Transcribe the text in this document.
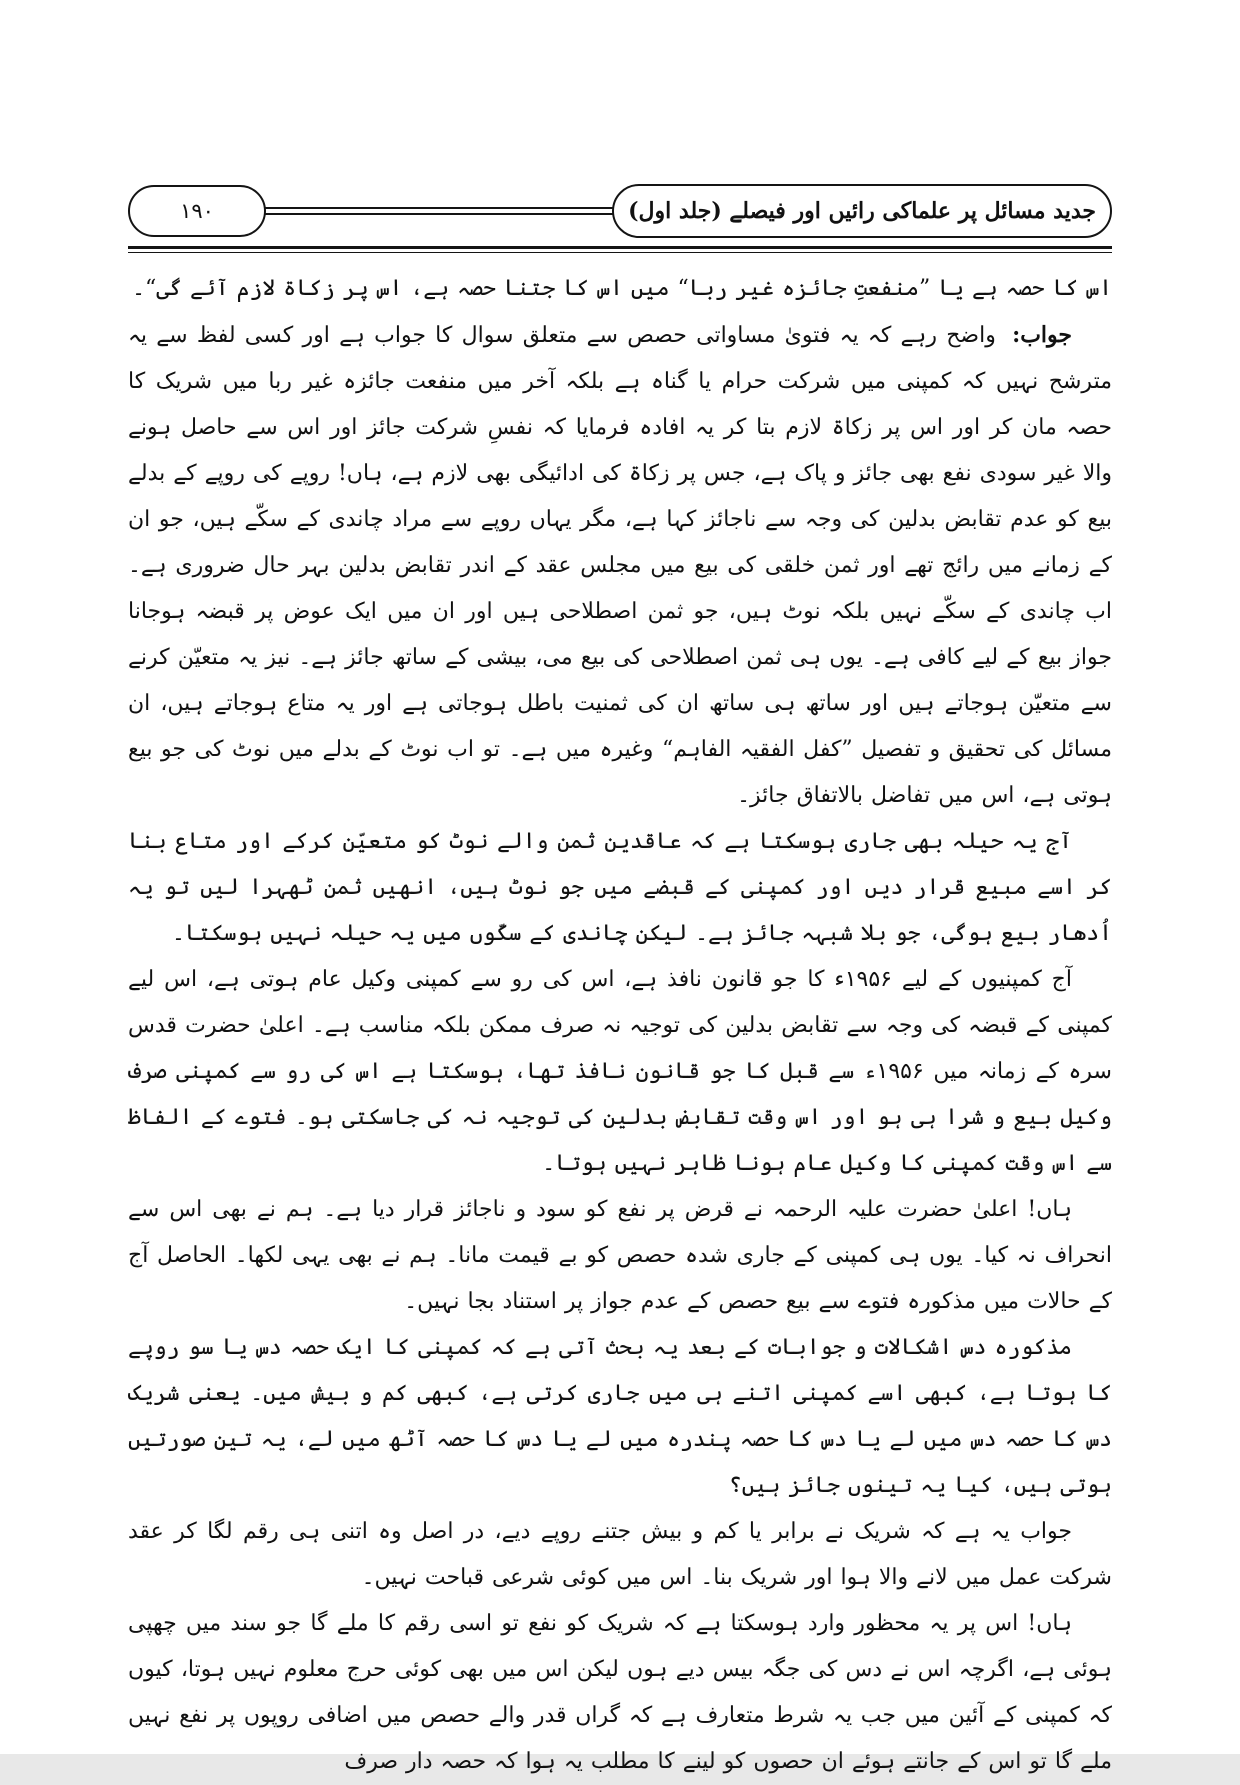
۱۹۰	جدید مسائل پر علماکی رائیں اور فیصلے (جلد اول)

اس کا حصہ ہے یا ”منفعتِ جائزہ غیر ربا“ میں اس کا جتنا حصہ ہے، اس پر زکاۃ لازم آئے گی“۔

جواب: واضح رہے کہ یہ فتویٰ مساواتی حصص سے متعلق سوال کا جواب ہے اور کسی لفظ سے یہ مترشح نہیں کہ کمپنی میں شرکت حرام یا گناہ ہے بلکہ آخر میں منفعت جائزہ غیر ربا میں شریک کا حصہ مان کر اور اس پر زکاۃ لازم بتا کر یہ افادہ فرمایا کہ نفسِ شرکت جائز اور اس سے حاصل ہونے والا غیر سودی نفع بھی جائز و پاک ہے، جس پر زکاۃ کی ادائیگی بھی لازم ہے، ہاں! روپے کی روپے کے بدلے بیع کو عدم تقابض بدلین کی وجہ سے ناجائز کہا ہے، مگر یہاں روپے سے مراد چاندی کے سکّے ہیں، جو ان کے زمانے میں رائج تھے اور ثمن خلقی کی بیع میں مجلس عقد کے اندر تقابض بدلین بہر حال ضروری ہے۔ اب چاندی کے سکّے نہیں بلکہ نوٹ ہیں، جو ثمن اصطلاحی ہیں اور ان میں ایک عوض پر قبضہ ہوجانا جواز بیع کے لیے کافی ہے۔ یوں ہی ثمن اصطلاحی کی بیع می، بیشی کے ساتھ جائز ہے۔ نیز یہ متعیّن کرنے سے متعیّن ہوجاتے ہیں اور ساتھ ہی ساتھ ان کی ثمنیت باطل ہوجاتی ہے اور یہ متاع ہوجاتے ہیں، ان مسائل کی تحقیق و تفصیل ”کفل الفقیہ الفاہم“ وغیرہ میں ہے۔ تو اب نوٹ کے بدلے میں نوٹ کی جو بیع ہوتی ہے، اس میں تفاضل بالاتفاق جائز۔

آج یہ حیلہ بھی جاری ہوسکتا ہے کہ عاقدین ثمن والے نوٹ کو متعیّن کرکے اور متاع بنا کر اسے مبیع قرار دیں اور کمپنی کے قبضے میں جو نوٹ ہیں، انھیں ثمن ٹھہرا لیں تو یہ اُدھار بیع ہوگی، جو بلا شبہہ جائز ہے۔ لیکن چاندی کے سکّوں میں یہ حیلہ نہیں ہوسکتا۔

آج کمپنیوں کے لیے ۱۹۵۶ء کا جو قانون نافذ ہے، اس کی رو سے کمپنی وکیل عام ہوتی ہے، اس لیے کمپنی کے قبضہ کی وجہ سے تقابض بدلین کی توجیہ نہ صرف ممکن بلکہ مناسب ہے۔ اعلیٰ حضرت قدس سرہ کے زمانہ میں ۱۹۵۶ء سے قبل کا جو قانون نافذ تھا، ہوسکتا ہے اس کی رو سے کمپنی صرف وکیل بیع و شرا ہی ہو اور اس وقت تقابض بدلین کی توجیہ نہ کی جاسکتی ہو۔ فتوے کے الفاظ سے اس وقت کمپنی کا وکیل عام ہونا ظاہر نہیں ہوتا۔

ہاں! اعلیٰ حضرت علیہ الرحمہ نے قرض پر نفع کو سود و ناجائز قرار دیا ہے۔ ہم نے بھی اس سے انحراف نہ کیا۔ یوں ہی کمپنی کے جاری شدہ حصص کو بے قیمت مانا۔ ہم نے بھی یہی لکھا۔ الحاصل آج کے حالات میں مذکورہ فتوے سے بیع حصص کے عدم جواز پر استناد بجا نہیں۔

مذکورہ دس اشکالات و جوابات کے بعد یہ بحث آتی ہے کہ کمپنی کا ایک حصہ دس یا سو روپے کا ہوتا ہے، کبھی اسے کمپنی اتنے ہی میں جاری کرتی ہے، کبھی کم و بیش میں۔ یعنی شریک دس کا حصہ دس میں لے یا دس کا حصہ پندرہ میں لے یا دس کا حصہ آٹھ میں لے، یہ تین صورتیں ہوتی ہیں، کیا یہ تینوں جائز ہیں؟

جواب یہ ہے کہ شریک نے برابر یا کم و بیش جتنے روپے دیے، در اصل وہ اتنی ہی رقم لگا کر عقد شرکت عمل میں لانے والا ہوا اور شریک بنا۔ اس میں کوئی شرعی قباحت نہیں۔

ہاں! اس پر یہ محظور وارد ہوسکتا ہے کہ شریک کو نفع تو اسی رقم کا ملے گا جو سند میں چھپی ہوئی ہے، اگرچہ اس نے دس کی جگہ بیس دیے ہوں لیکن اس میں بھی کوئی حرج معلوم نہیں ہوتا، کیوں کہ کمپنی کے آئین میں جب یہ شرط متعارف ہے کہ گراں قدر والے حصص میں اضافی روپوں پر نفع نہیں ملے گا تو اس کے جانتے ہوئے ان حصوں کو لینے کا مطلب یہ ہوا کہ حصہ دار صرف
